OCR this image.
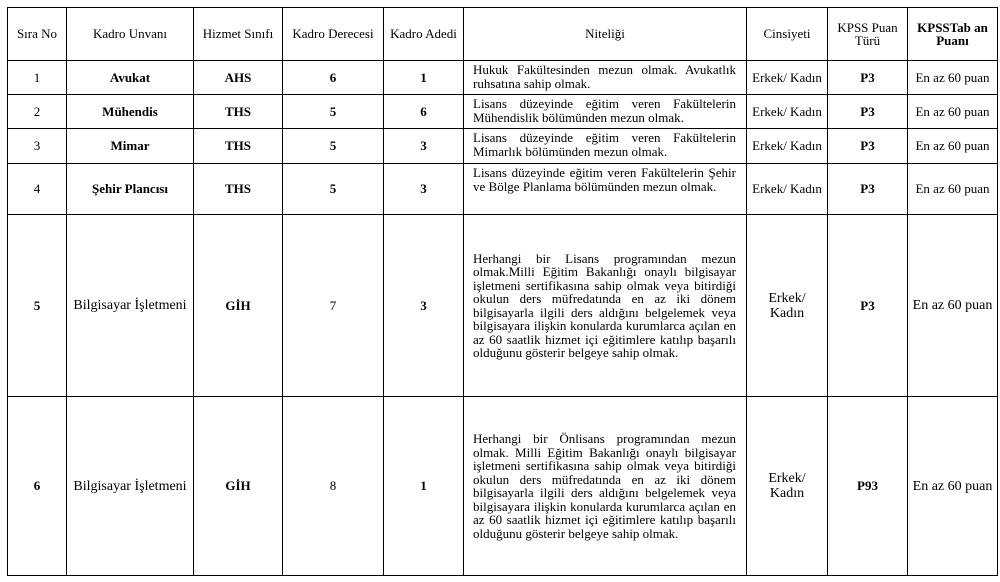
Sıra No	Kadro Unvanı	Hizmet Sınıfı	Kadro Derecesi	Kadro Adedi	Niteliği	Cinsiyeti	KPSS Puan Türü	KPSSTab an Puanı
1	Avukat	AHS	6	1	Hukuk Fakültesinden mezun olmak. Avukatlık ruhsatına sahip olmak.	Erkek/ Kadın	P3	En az 60 puan
2	Mühendis	THS	5	6	Lisans düzeyinde eğitim veren Fakültelerin Mühendislik bölümünden mezun olmak.	Erkek/ Kadın	P3	En az 60 puan
3	Mimar	THS	5	3	Lisans düzeyinde eğitim veren Fakültelerin Mimarlık bölümünden mezun olmak.	Erkek/ Kadın	P3	En az 60 puan
4	Şehir Plancısı	THS	5	3	Lisans düzeyinde eğitim veren Fakültelerin Şehir ve Bölge Planlama bölümünden mezun olmak.	Erkek/ Kadın	P3	En az 60 puan
5	Bilgisayar İşletmeni	GİH	7	3	Herhangi bir Lisans programından mezun olmak.Milli Eğitim Bakanlığı onaylı bilgisayar işletmeni sertifikasına sahip olmak veya bitirdiği okulun ders müfredatında en az iki dönem bilgisayarla ilgili ders aldığını belgelemek veya bilgisayara ilişkin konularda kurumlarca açılan en az 60 saatlik hizmet içi eğitimlere katılıp başarılı olduğunu gösterir belgeye sahip olmak.	Erkek/ Kadın	P3	En az 60 puan
6	Bilgisayar İşletmeni	GİH	8	1	Herhangi bir Önlisans programından mezun olmak. Milli Eğitim Bakanlığı onaylı bilgisayar işletmeni sertifikasına sahip olmak veya bitirdiği okulun ders müfredatında en az iki dönem bilgisayarla ilgili ders aldığını belgelemek veya bilgisayara ilişkin konularda kurumlarca açılan en az 60 saatlik hizmet içi eğitimlere katılıp başarılı olduğunu gösterir belgeye sahip olmak.	Erkek/ Kadın	P93	En az 60 puan
